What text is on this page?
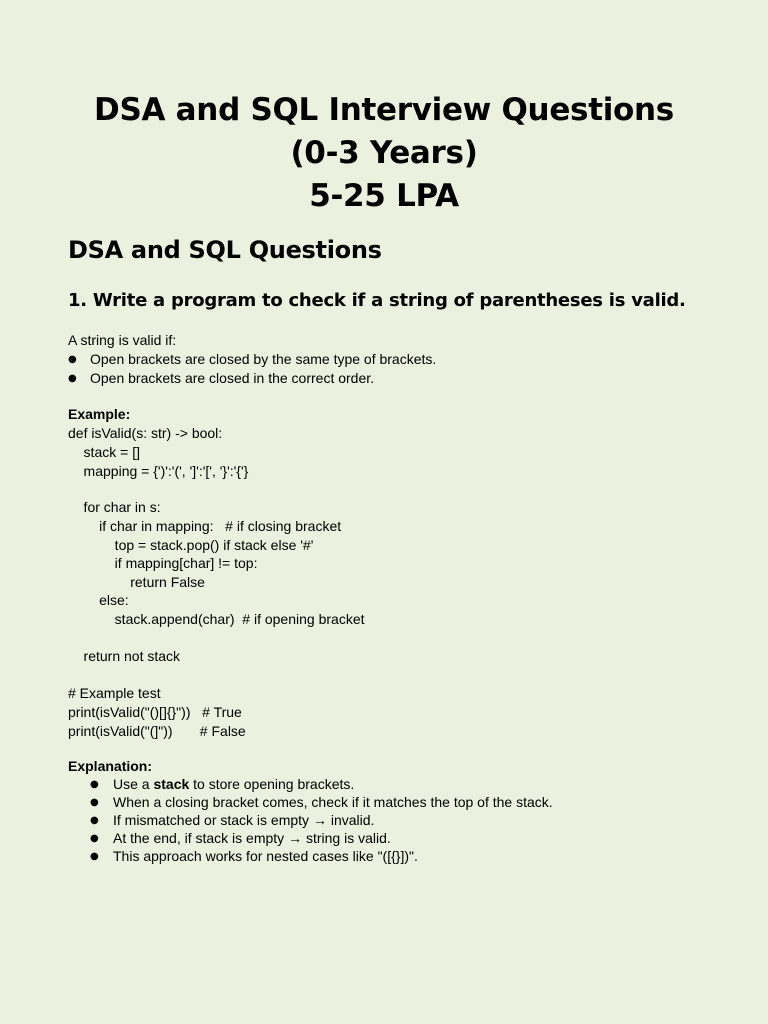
DSA and SQL Interview Questions
(0-3 Years)
5-25 LPA
DSA and SQL Questions
1. Write a program to check if a string of parentheses is valid.
A string is valid if:
● Open brackets are closed by the same type of brackets.
● Open brackets are closed in the correct order.
Example:
def isValid(s: str) -> bool:
stack = []
mapping = {')':'(', ']':'[', '}':'{'}
for char in s:
if char in mapping:   # if closing bracket
top = stack.pop() if stack else '#'
if mapping[char] != top:
return False
else:
stack.append(char)  # if opening bracket
return not stack
# Example test
print(isValid("()[]{}"))   # True
print(isValid("(]"))       # False
Explanation:
● Use a stack to store opening brackets.
● When a closing bracket comes, check if it matches the top of the stack.
● If mismatched or stack is empty → invalid.
● At the end, if stack is empty → string is valid.
● This approach works for nested cases like "([{}])".
